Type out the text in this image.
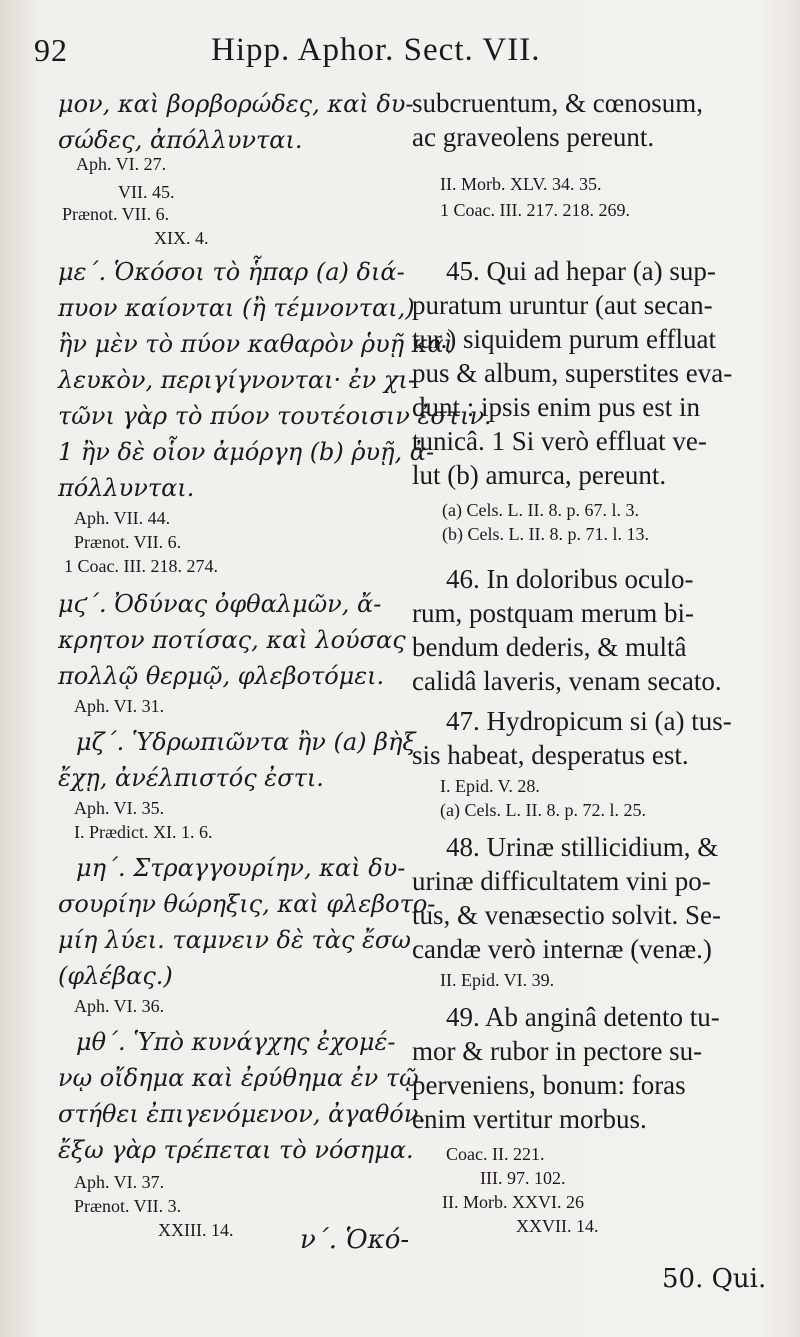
92	Hipp. Aphor. Sect. VII.
μον, καὶ βορβορώδες, καὶ δυ-
σώδες, ἀπόλλυνται.
Aph. VI. 27.
VII. 45.
Prænot. VII. 6.
XIX. 4.
με΄. Ὁκόσοι τὸ ἧπαρ (a) διά-
πυον καίονται (ἢ τέμνονται,)
ἢν μὲν τὸ πύον καθαρὸν ῥυῇ καὶ
λευκὸν, περιγίγνονται· ἐν χι-
τῶνι γὰρ τὸ πύον τουτέοισιν ἐστιν.
1 ἢν δὲ οἷον ἀμόργη (b) ῥυῇ, ἀ-
πόλλυνται.
Aph. VII. 44.
Prænot. VII. 6.
1 Coac. III. 218. 274.
μϛ΄. Ὀδύνας ὀφθαλμῶν, ἄ-
κρητον ποτίσας, καὶ λούσας
πολλῷ θερμῷ, φλεβοτόμει.
Aph. VI. 31.
μζ΄. Ὑδρωπιῶντα ἢν (a) βὴξ
ἔχῃ, ἀνέλπιστός ἐστι.
Aph. VI. 35.
I. Prædict. XI. 1. 6.
μη΄. Στραγγουρίην, καὶ δυ-
σουρίην θώρηξις, καὶ φλεβοτο-
μίη λύει. ταμνειν δὲ τὰς ἔσω
(φλέβας.)
Aph. VI. 36.
μθ΄. Ὑπὸ κυνάγχης ἐχομέ-
νῳ οἴδημα καὶ ἐρύθημα ἐν τῷ
στήθει ἐπιγενόμενον, ἀγαθόν.
ἔξω γὰρ τρέπεται τὸ νόσημα.
Aph. VI. 37.
Prænot. VII. 3.
XXIII. 14.
subcruentum, & cœnosum,
ac graveolens pereunt.
II. Morb. XLV. 34. 35.
1 Coac. III. 217. 218. 269.
45. Qui ad hepar (a) sup-
puratum uruntur (aut secan-
tur.) siquidem purum effluat
pus & album, superstites eva-
dunt : ipsis enim pus est in
tunicâ. 1 Si verò effluat ve-
lut (b) amurca, pereunt.
(a) Cels. L. II. 8. p. 67. l. 3.
(b) Cels. L. II. 8. p. 71. l. 13.
46. In doloribus oculo-
rum, postquam merum bi-
bendum dederis, & multâ
calidâ laveris, venam secato.
47. Hydropicum si (a) tus-
sis habeat, desperatus est.
I. Epid. V. 28.
(a) Cels. L. II. 8. p. 72. l. 25.
48. Urinæ stillicidium, &
urinæ difficultatem vini po-
tus, & venæsectio solvit. Se-
candæ verò internæ (venæ.)
II. Epid. VI. 39.
49. Ab anginâ detento tu-
mor & rubor in pectore su-
perveniens, bonum: foras
enim vertitur morbus.
Coac. II. 221.
III. 97. 102.
II. Morb. XXVI. 26
XXVII. 14.
ν΄. Ὁκό-
50. Qui.
